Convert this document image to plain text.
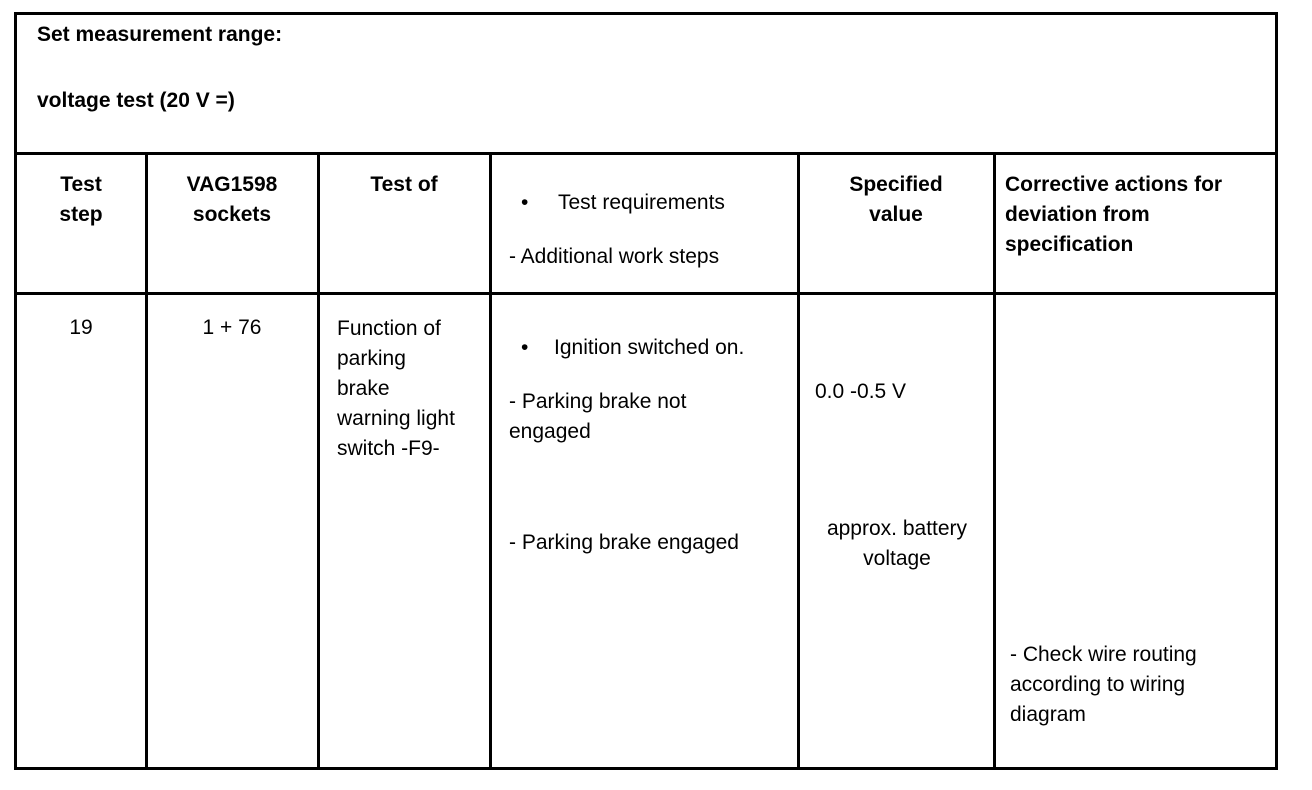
Set measurement range:
voltage test (20 V =)
Test
step
VAG1598
sockets
Test of
• Test requirements
- Additional work steps
Specified
value
Corrective actions for
deviation from
specification
19	1 + 76	Function of
parking
brake
warning light
switch -F9-
• Ignition switched on.
- Parking brake not
engaged
- Parking brake engaged
0.0 -0.5 V
approx. battery
voltage
- Check wire routing
according to wiring
diagram
